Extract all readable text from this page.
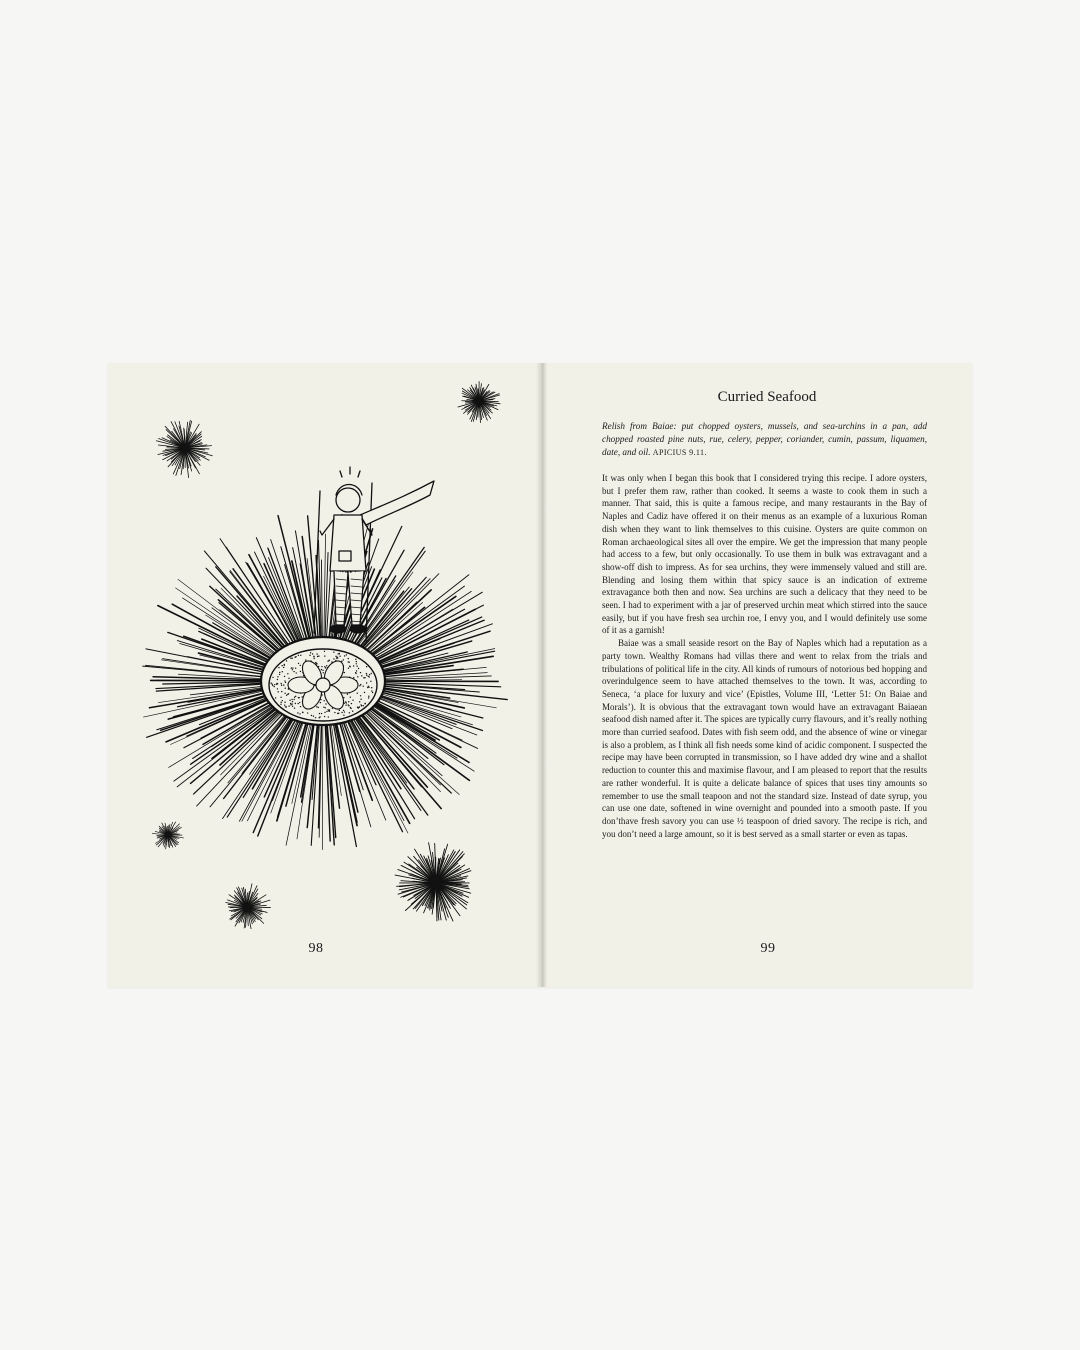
98
Curried Seafood
Relish from Baiae: put chopped oysters, mussels, and sea-urchins in a pan, add chopped roasted pine nuts, rue, celery, pepper, coriander, cumin, passum, liquamen, date, and oil. APICIUS 9.11.

It was only when I began this book that I considered trying this recipe. I adore oysters, but I prefer them raw, rather than cooked. It seems a waste to cook them in such a manner. That said, this is quite a famous recipe, and many restaurants in the Bay of Naples and Cadiz have offered it on their menus as an example of a luxurious Roman dish when they want to link themselves to this cuisine. Oysters are quite common on Roman archaeological sites all over the empire. We get the impression that many people had access to a few, but only occasionally. To use them in bulk was extravagant and a show-off dish to impress. As for sea urchins, they were immensely valued and still are. Blending and losing them within that spicy sauce is an indication of extreme extravagance both then and now. Sea urchins are such a delicacy that they need to be seen. I had to experiment with a jar of preserved urchin meat which stirred into the sauce easily, but if you have fresh sea urchin roe, I envy you, and I would definitely use some of it as a garnish!

Baiae was a small seaside resort on the Bay of Naples which had a reputation as a party town. Wealthy Romans had villas there and went to relax from the trials and tribulations of political life in the city. All kinds of rumours of notorious bed hopping and overindulgence seem to have attached themselves to the town. It was, according to Seneca, ‘a place for luxury and vice’ (Epistles, Volume III, ‘Letter 51: On Baiae and Morals’). It is obvious that the extravagant town would have an extravagant Baiaean seafood dish named after it. The spices are typically curry flavours, and it’s really nothing more than curried seafood. Dates with fish seem odd, and the absence of wine or vinegar is also a problem, as I think all fish needs some kind of acidic component. I suspected the recipe may have been corrupted in transmission, so I have added dry wine and a shallot reduction to counter this and maximise flavour, and I am pleased to report that the results are rather wonderful. It is quite a delicate balance of spices that uses tiny amounts so remember to use the small teapoon and not the standard size. Instead of date syrup, you can use one date, softened in wine overnight and pounded into a smooth paste. If you don’thave fresh savory you can use ½ teaspoon of dried savory. The recipe is rich, and you don’t need a large amount, so it is best served as a small starter or even as tapas.

99
